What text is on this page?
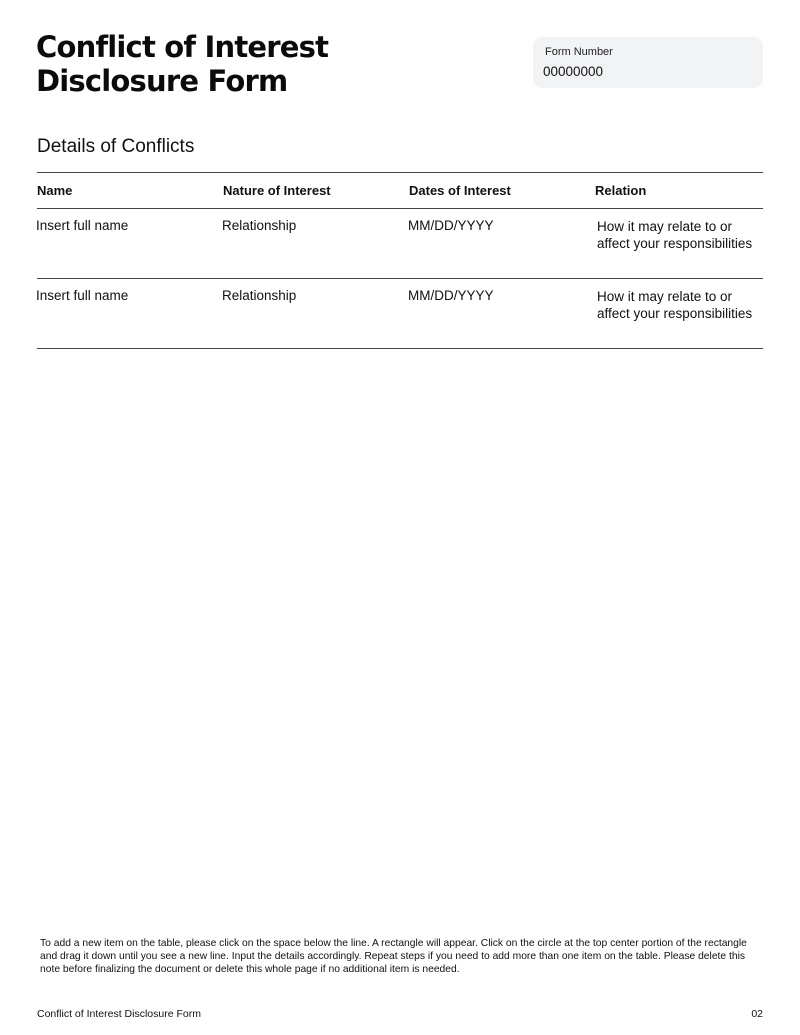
Conflict of Interest
Disclosure Form
Form Number
00000000
Details of Conflicts
Name	Nature of Interest	Dates of Interest	Relation
Insert full name	Relationship	MM/DD/YYYY	How it may relate to or affect your responsibilities
Insert full name	Relationship	MM/DD/YYYY	How it may relate to or affect your responsibilities

To add a new item on the table, please click on the space below the line. A rectangle will appear. Click on the circle at the top center portion of the rectangle and drag it down until you see a new line. Input the details accordingly. Repeat steps if you need to add more than one item on the table. Please delete this note before finalizing the document or delete this whole page if no additional item is needed.

Conflict of Interest Disclosure Form	02
